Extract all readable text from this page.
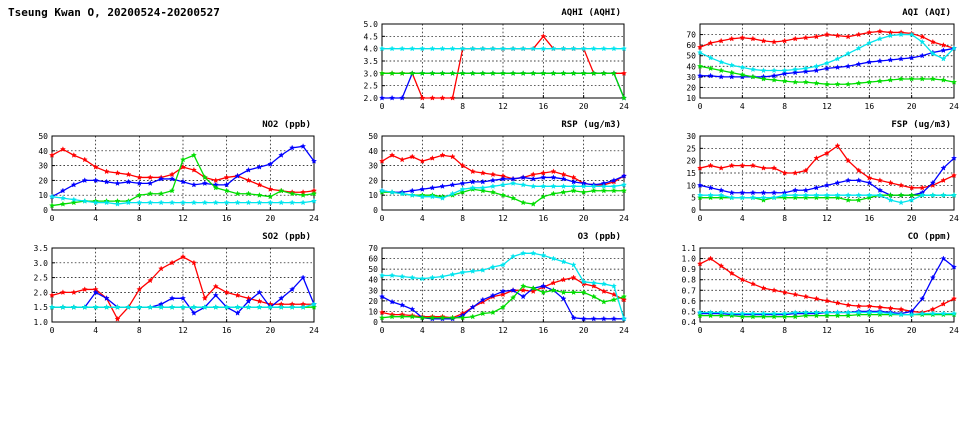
Tseung Kwan O, 20200524-20200527
2.0
2.5
3.0
3.5
4.0
4.5
5.0
0	4	8	12	16	20	24
AQHI (AQHI)
10
20
30
40
50
60
70
0	4	8	12	16	20	24
AQI (AQI)
0
10
20
30
40
50
0	4	8	12	16	20	24
NO2 (ppb)
0
10
20
30
40
50
0	4	8	12	16	20	24
RSP (ug/m3)
0
5
10
15
20
25
30
0	4	8	12	16	20	24
FSP (ug/m3)
1.0
1.5
2.0
2.5
3.0
3.5
0	4	8	12	16	20	24
SO2 (ppb)
0
10
20
30
40
50
60
70
0	4	8	12	16	20	24
O3 (ppb)
0.4
0.5
0.6
0.7
0.8
0.9
1.0
1.1
0	4	8	12	16	20	24
CO (ppm)
